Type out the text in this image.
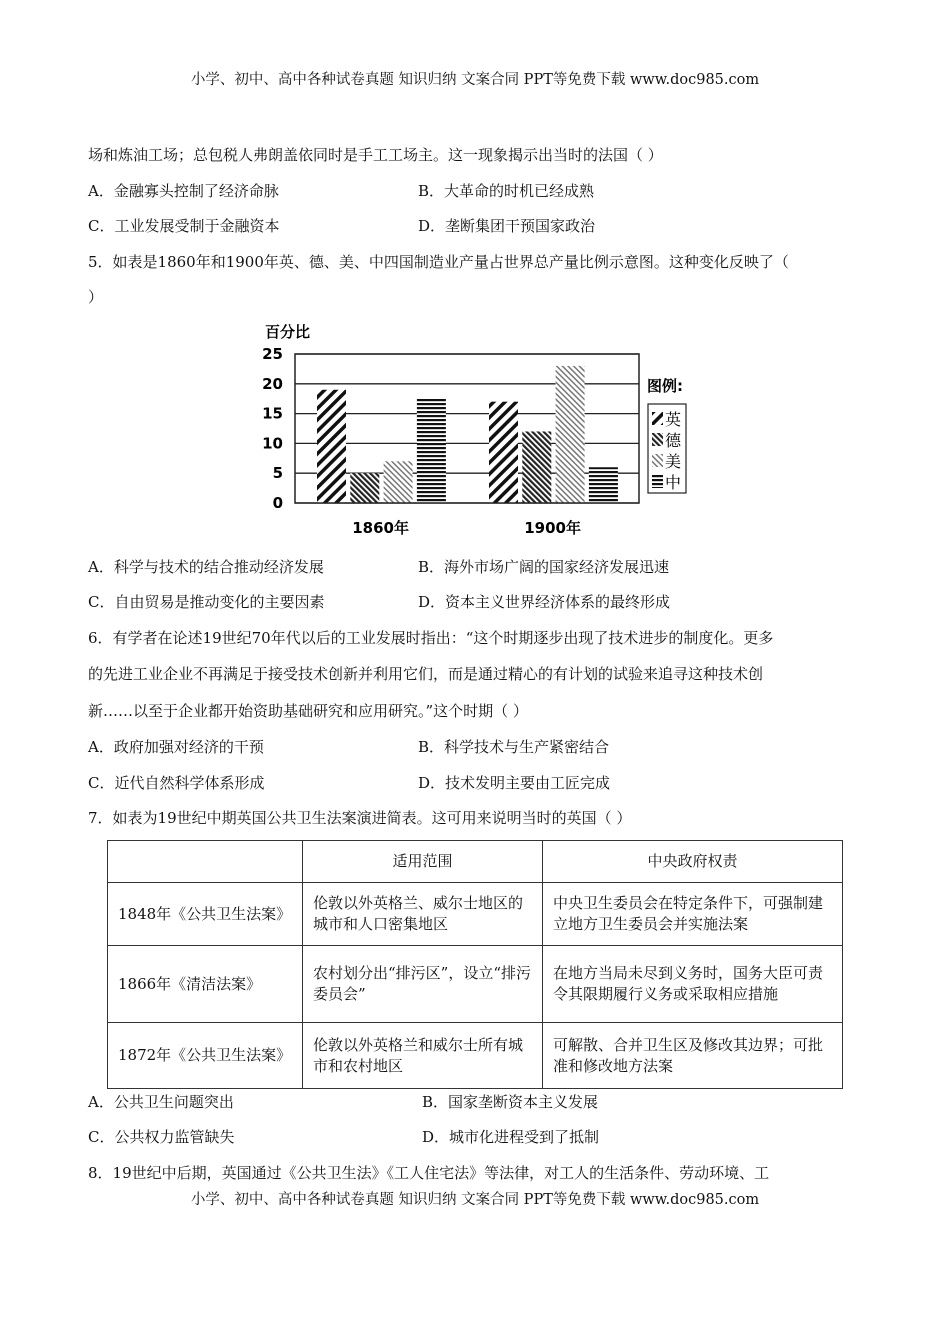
小学、初中、高中各种试卷真题 知识归纳 文案合同 PPT等免费下载 www.doc985.com
场和炼油工场；总包税人弗朗盖依同时是手工工场主。这一现象揭示出当时的法国（ ）
A．金融寡头控制了经济命脉	B．大革命的时机已经成熟
C．工业发展受制于金融资本	D．垄断集团干预国家政治
5．如表是1860年和1900年英、德、美、中四国制造业产量占世界总产量比例示意图。这种变化反映了（
）
百分比
0
5
10
15
20
25
1860年	1900年
图例:
英
德
美
中
A．科学与技术的结合推动经济发展	B．海外市场广阔的国家经济发展迅速
C．自由贸易是推动变化的主要因素	D．资本主义世界经济体系的最终形成
6．有学者在论述19世纪70年代以后的工业发展时指出：“这个时期逐步出现了技术进步的制度化。更多
的先进工业企业不再满足于接受技术创新并利用它们，而是通过精心的有计划的试验来追寻这种技术创
新……以至于企业都开始资助基础研究和应用研究。”这个时期（ ）
A．政府加强对经济的干预	B．科学技术与生产紧密结合
C．近代自然科学体系形成	D．技术发明主要由工匠完成
7．如表为19世纪中期英国公共卫生法案演进简表。这可用来说明当时的英国（ ）
	适用范围	中央政府权责
1848年《公共卫生法案》	伦敦以外英格兰、威尔士地区的城市和人口密集地区	中央卫生委员会在特定条件下，可强制建立地方卫生委员会并实施法案
1866年《清洁法案》	农村划分出“排污区”，设立“排污委员会”	在地方当局未尽到义务时，国务大臣可责令其限期履行义务或采取相应措施
1872年《公共卫生法案》	伦敦以外英格兰和威尔士所有城市和农村地区	可解散、合并卫生区及修改其边界；可批准和修改地方法案
A．公共卫生问题突出	B．国家垄断资本主义发展
C．公共权力监管缺失	D．城市化进程受到了抵制
8．19世纪中后期，英国通过《公共卫生法》《工人住宅法》等法律，对工人的生活条件、劳动环境、工
小学、初中、高中各种试卷真题 知识归纳 文案合同 PPT等免费下载 www.doc985.com
